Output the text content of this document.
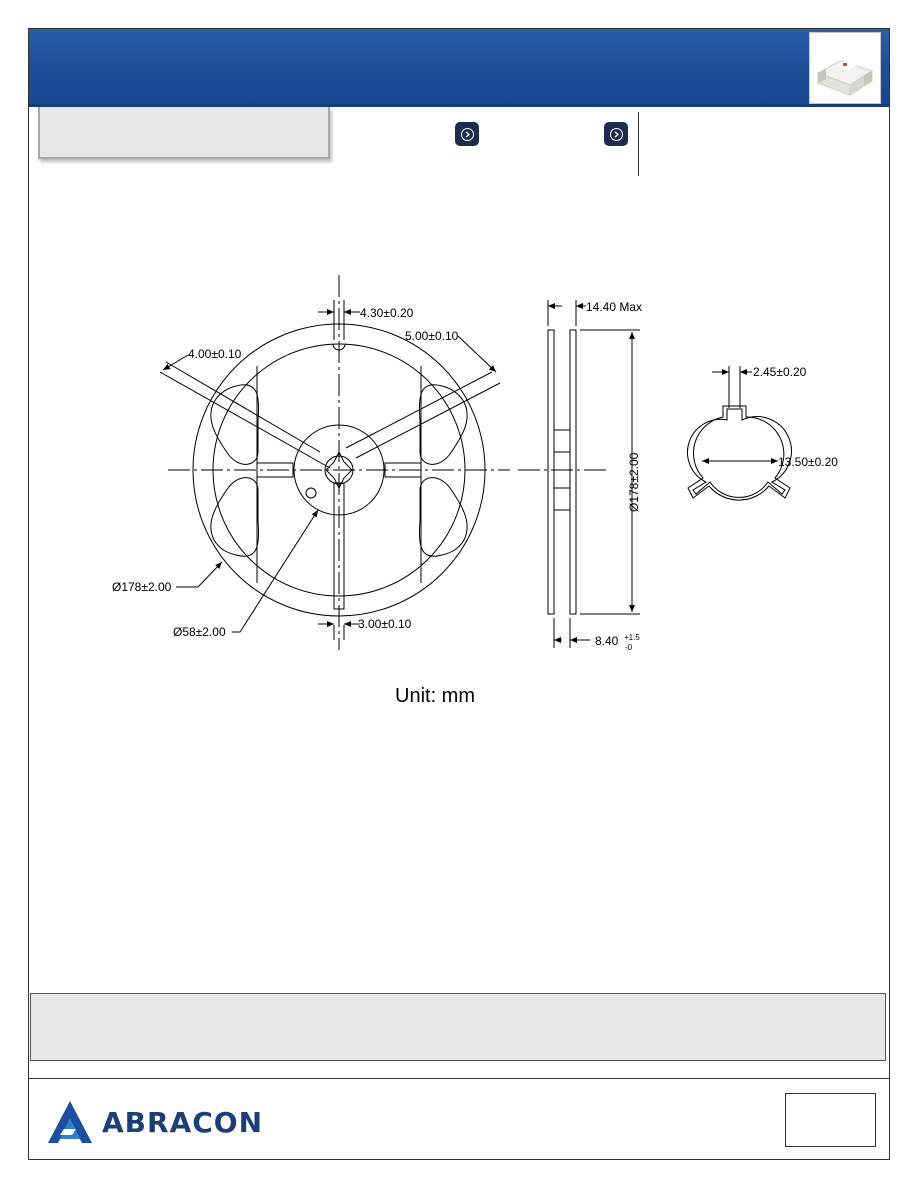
4.30±0.20
5.00±0.10
4.00±0.10
Ø178±2.00
Ø58±2.00
3.00±0.10
14.40 Max
Ø178±2.00
8.40 +1.5
-0
2.45±0.20
13.50±0.20
Unit: mm
ABRACON
